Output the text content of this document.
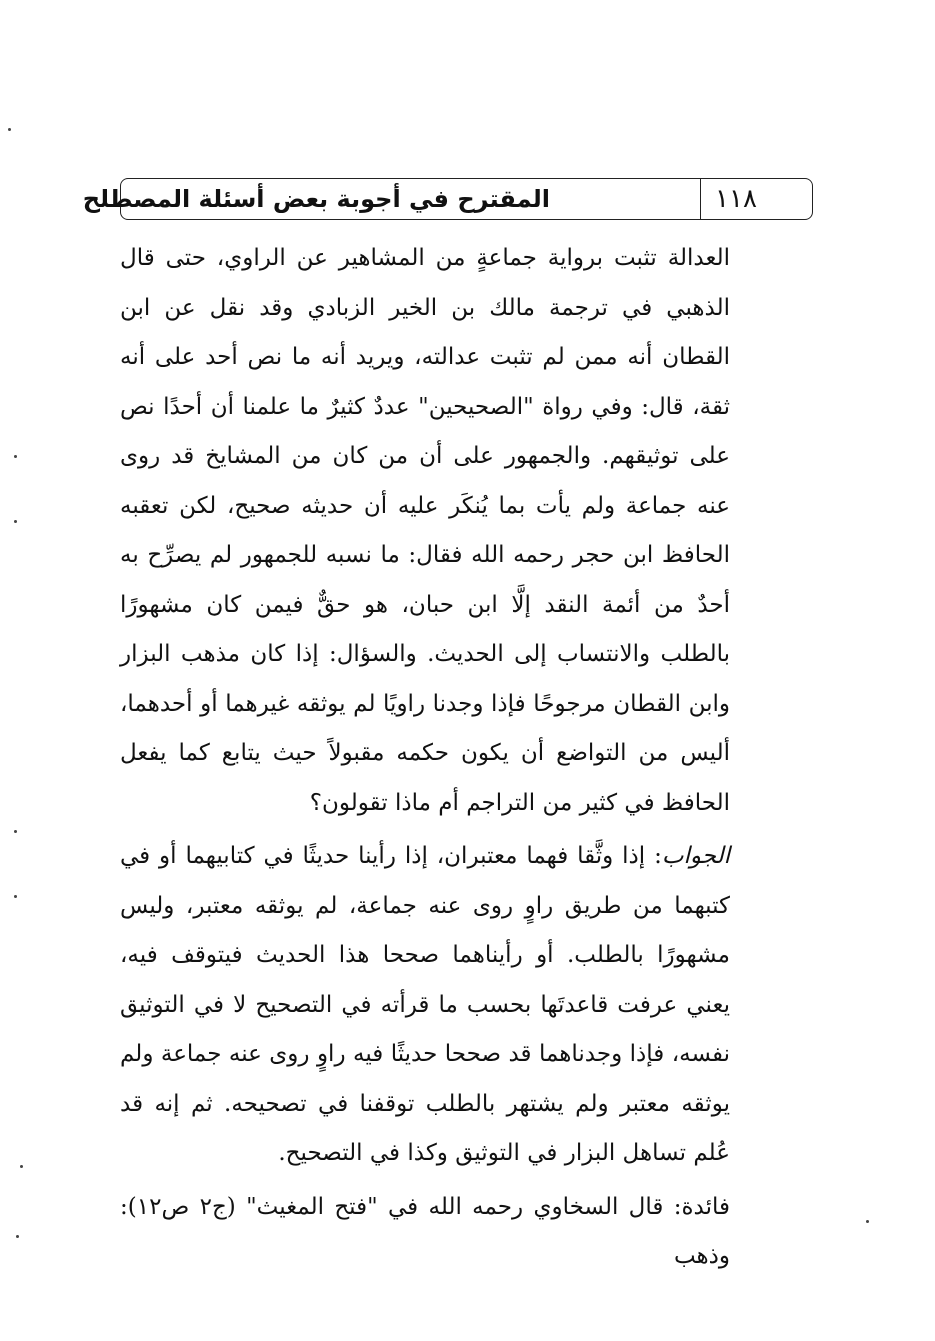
المقترح في أجوبة بعض أسئلة المصطلح	١١٨

العدالة تثبت برواية جماعةٍ من المشاهير عن الراوي، حتى قال الذهبي في ترجمة مالك بن الخير الزبادي وقد نقل عن ابن القطان أنه ممن لم تثبت عدالته، ويريد أنه ما نص أحد على أنه ثقة، قال: وفي رواة "الصحيحين" عددٌ كثيرٌ ما علمنا أن أحدًا نص على توثيقهم. والجمهور على أن من كان من المشايخ قد روى عنه جماعة ولم يأت بما يُنكَر عليه أن حديثه صحيح، لكن تعقبه الحافظ ابن حجر رحمه الله فقال: ما نسبه للجمهور لم يصرِّح به أحدٌ من أئمة النقد إلَّا ابن حبان، هو حقٌّ فيمن كان مشهورًا بالطلب والانتساب إلى الحديث. والسؤال: إذا كان مذهب البزار وابن القطان مرجوحًا فإذا وجدنا راويًا لم يوثقه غيرهما أو أحدهما، أليس من التواضع أن يكون حكمه مقبولاً حيث يتابع كما يفعل الحافظ في كثير من التراجم أم ماذا تقولون؟

الجواب: إذا وثَّقا فهما معتبران، إذا رأينا حديثًا في كتابيهما أو في كتبهما من طريق راوٍ روى عنه جماعة، لم يوثقه معتبر، وليس مشهورًا بالطلب. أو رأيناهما صححا هذا الحديث فيتوقف فيه، يعني عرفت قاعدتَها بحسب ما قرأته في التصحيح لا في التوثيق نفسه، فإذا وجدناهما قد صححا حديثًا فيه راوٍ روى عنه جماعة ولم يوثقه معتبر ولم يشتهر بالطلب توقفنا في تصحيحه. ثم إنه قد عُلم تساهل البزار في التوثيق وكذا في التصحيح.

فائدة: قال السخاوي رحمه الله في "فتح المغيث" (ج٢ ص١٢): وذهب
